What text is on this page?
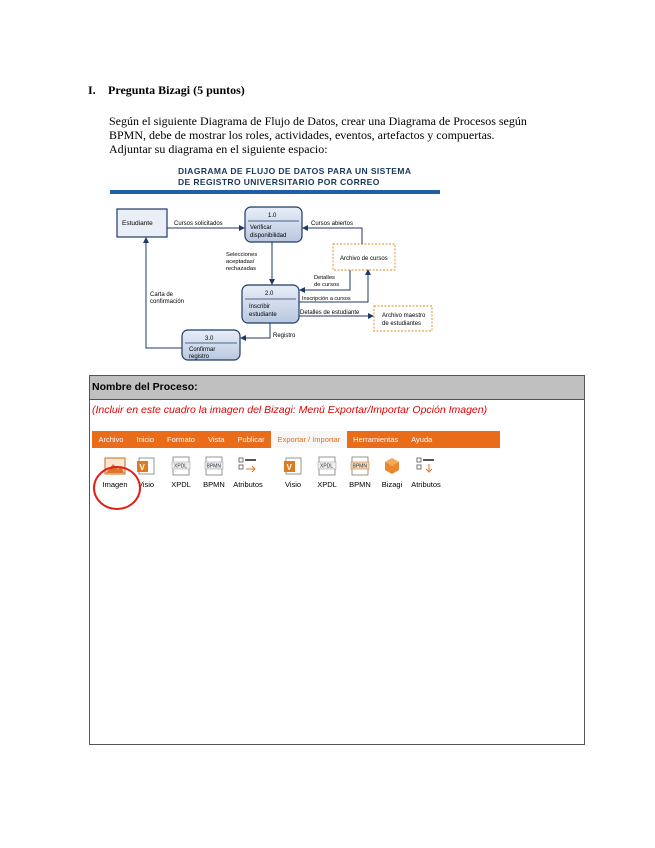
I. Pregunta Bizagi (5 puntos)
Según el siguiente Diagrama de Flujo de Datos, crear una Diagrama de Procesos según
BPMN, debe de mostrar los roles, actividades, eventos, artefactos y compuertas.
Adjuntar su diagrama en el siguiente espacio:
DIAGRAMA DE FLUJO DE DATOS PARA UN SISTEMA
DE REGISTRO UNIVERSITARIO POR CORREO
Estudiante
1.0
Verificar
disponibilidad
2.0
Inscribir
estudiante
3.0
Confirmar
registro
Archivo de cursos
Archivo maestro
de estudiantes
Cursos solicitados	Cursos abiertos
Selecciones
aceptadas/
rechazadas
Detalles
de cursos
Inscripción a cursos
Detalles de estudiante
Registro
Carta de
confirmación
Nombre del Proceso:
(Incluir en este cuadro la imagen del Bizagi: Menú Exportar/Importar Opción Imagen)
Archivo	Inicio	Formato	Vista	Publicar	Exportar / Importar	Herramientas	Ayuda
Imagen
V
Visio
XPDL
XPDL
BPMN
BPMN	Atributos
V
Visio
XPDL
XPDL
BPMN
BPMN	Bizagi	Atributos
